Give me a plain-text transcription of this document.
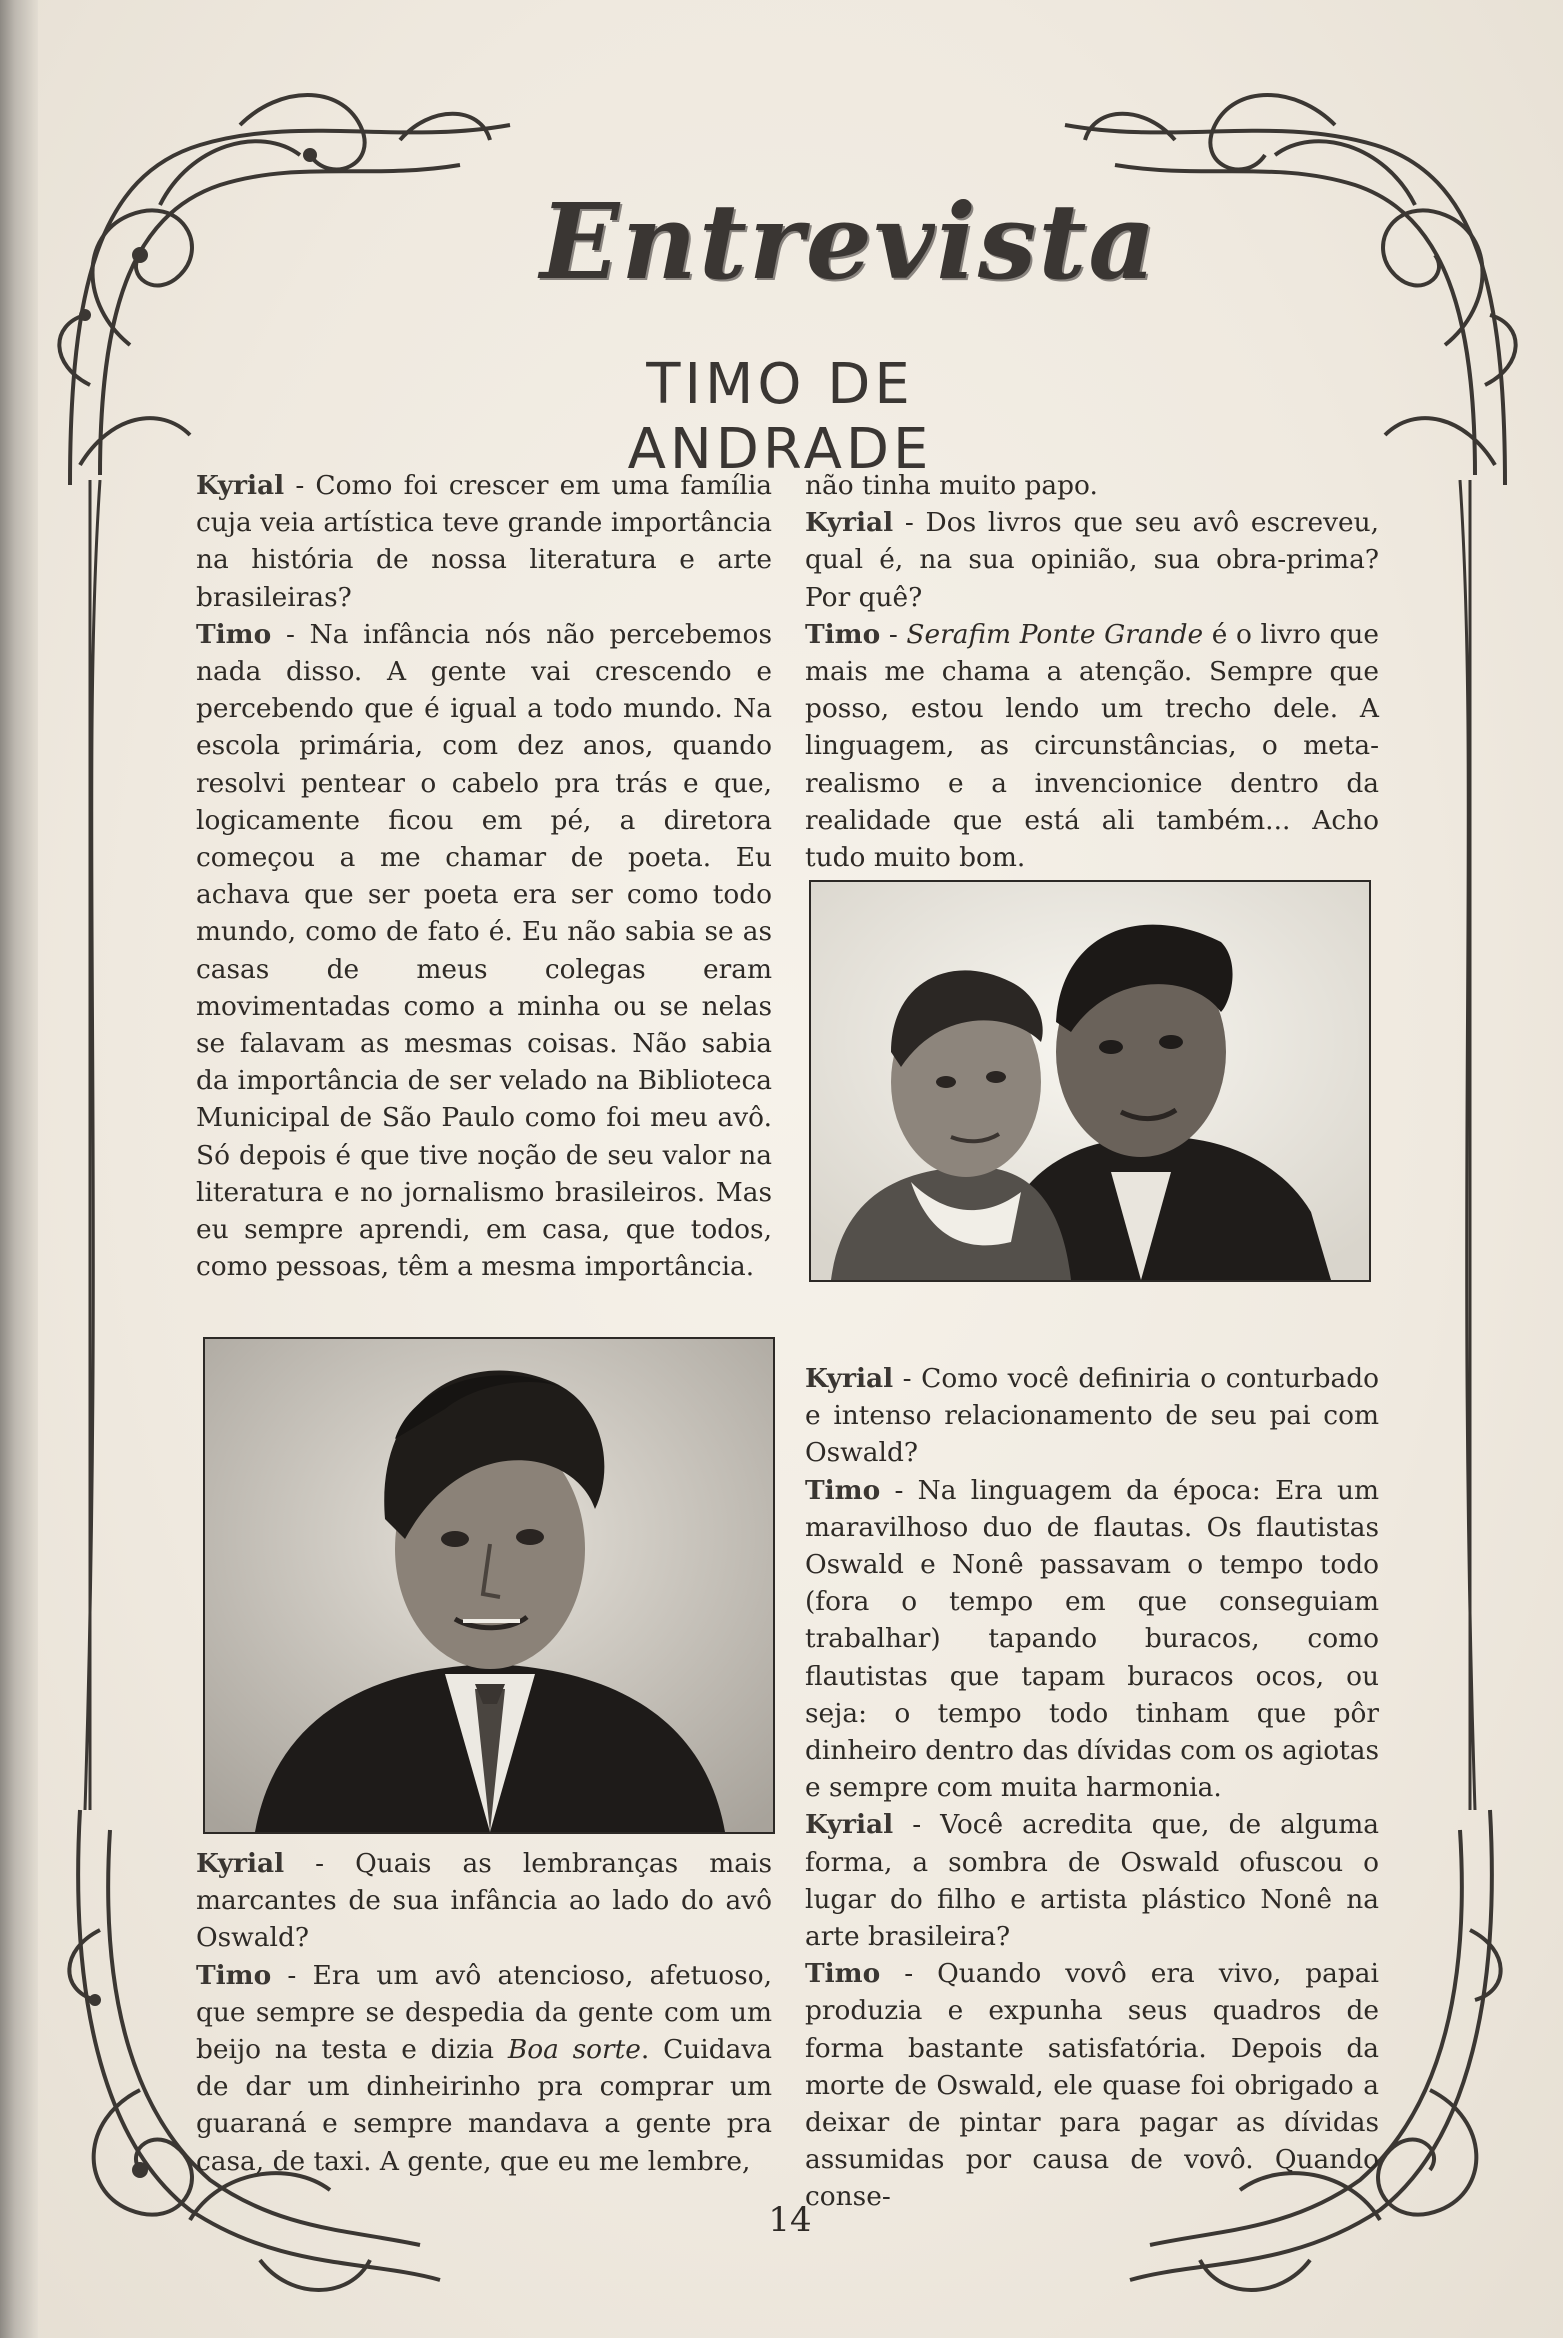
Entrevista
TIMO DE ANDRADE

Kyrial - Como foi crescer em uma família cuja veia artística teve grande importância na história de nossa literatura e arte brasileiras?

Timo - Na infância nós não percebemos nada disso. A gente vai crescendo e percebendo que é igual a todo mundo. Na escola primária, com dez anos, quando resolvi pentear o cabelo pra trás e que, logicamente ficou em pé, a diretora começou a me chamar de poeta. Eu achava que ser poeta era ser como todo mundo, como de fato é. Eu não sabia se as casas de meus colegas eram movimentadas como a minha ou se nelas se falavam as mesmas coisas. Não sabia da importância de ser velado na Biblioteca Municipal de São Paulo como foi meu avô. Só depois é que tive noção de seu valor na literatura e no jornalismo brasileiros. Mas eu sempre aprendi, em casa, que todos, como pessoas, têm a mesma importância.

não tinha muito papo.

Kyrial - Dos livros que seu avô escreveu, qual é, na sua opinião, sua obra-prima? Por quê?

Timo - Serafim Ponte Grande é o livro que mais me chama a atenção. Sempre que posso, estou lendo um trecho dele. A linguagem, as circunstâncias, o meta-realismo e a invencionice dentro da realidade que está ali também... Acho tudo muito bom.

Kyrial - Quais as lembranças mais marcantes de sua infância ao lado do avô Oswald?

Timo - Era um avô atencioso, afetuoso, que sempre se despedia da gente com um beijo na testa e dizia Boa sorte. Cuidava de dar um dinheirinho pra comprar um guaraná e sempre mandava a gente pra casa, de taxi. A gente, que eu me lembre,

Kyrial - Como você definiria o conturbado e intenso relacionamento de seu pai com Oswald?

Timo - Na linguagem da época: Era um maravilhoso duo de flautas. Os flautistas Oswald e Nonê passavam o tempo todo (fora o tempo em que conseguiam trabalhar) tapando buracos, como flautistas que tapam buracos ocos, ou seja: o tempo todo tinham que pôr dinheiro dentro das dívidas com os agiotas e sempre com muita harmonia.

Kyrial - Você acredita que, de alguma forma, a sombra de Oswald ofuscou o lugar do filho e artista plástico Nonê na arte brasileira?

Timo - Quando vovô era vivo, papai produzia e expunha seus quadros de forma bastante satisfatória. Depois da morte de Oswald, ele quase foi obrigado a deixar de pintar para pagar as dívidas assumidas por causa de vovô. Quando conse-

14
